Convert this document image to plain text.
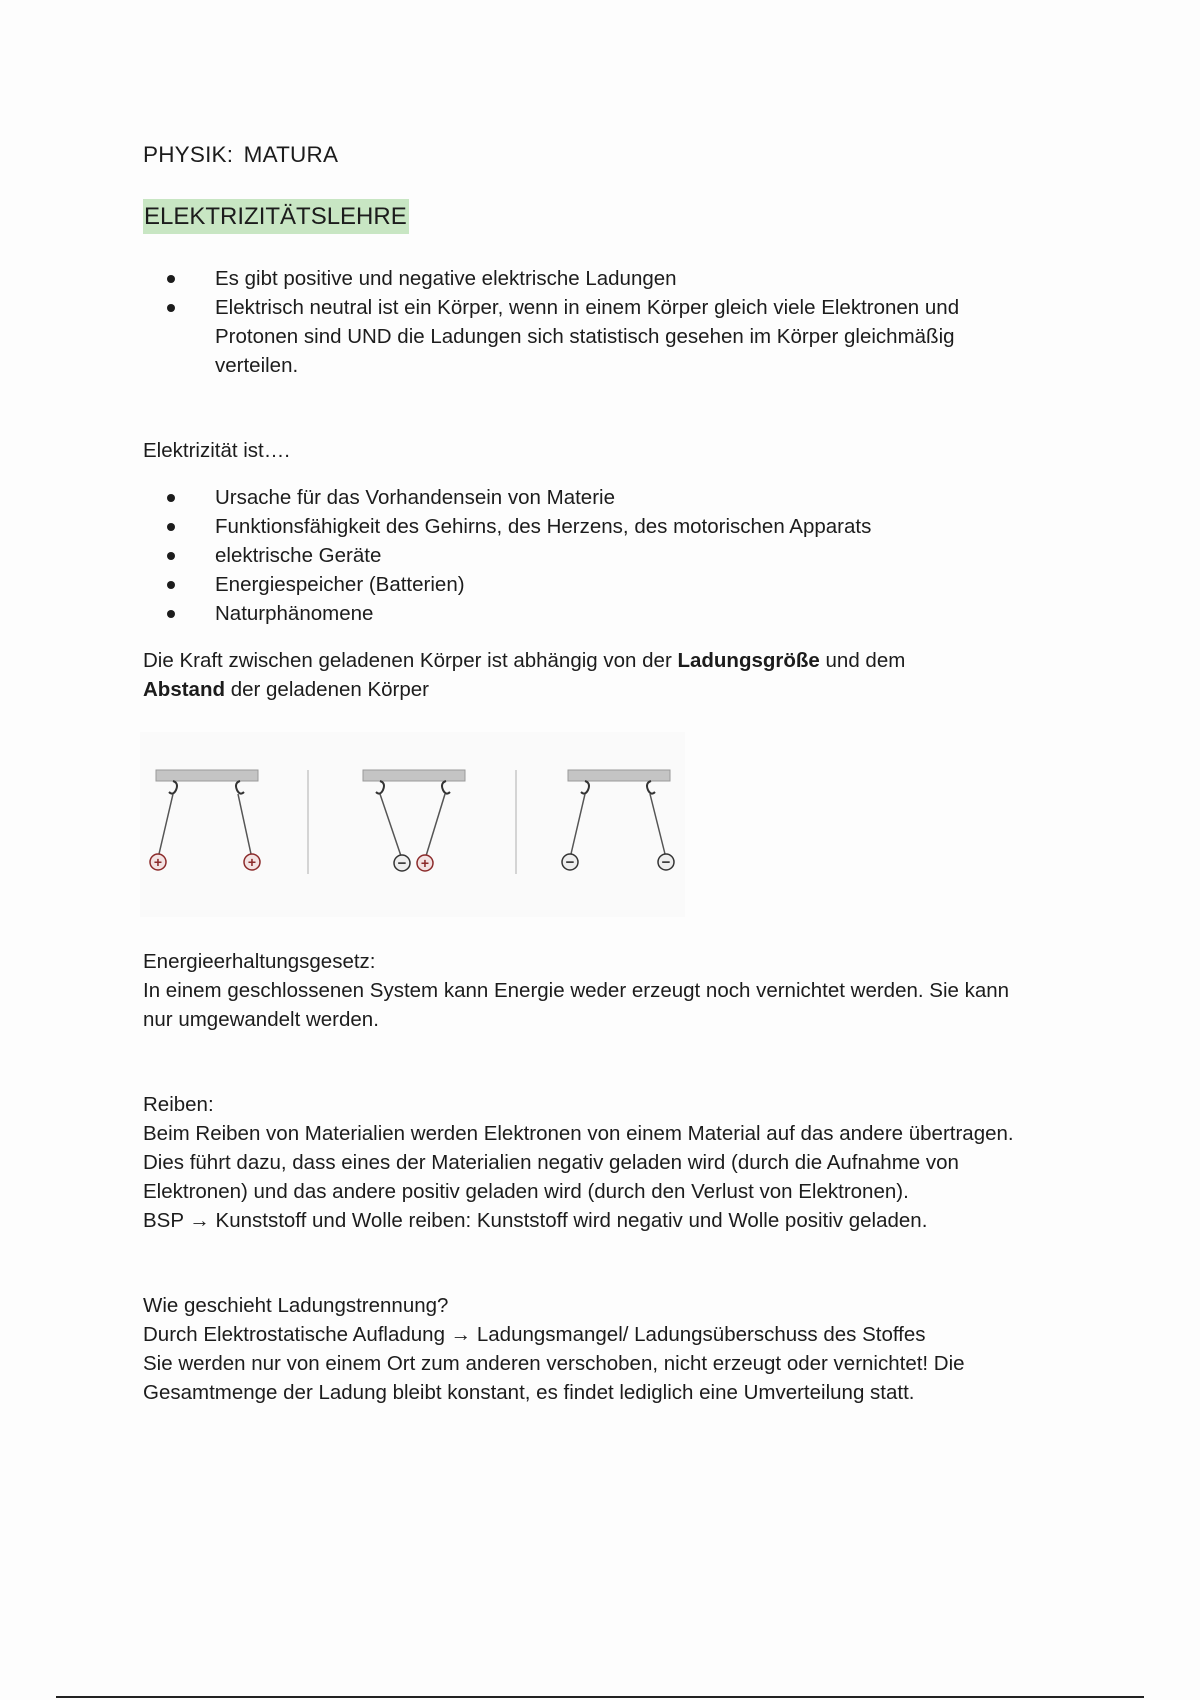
PHYSIK: MATURA
ELEKTRIZITÄTSLEHRE
Es gibt positive und negative elektrische Ladungen
Elektrisch neutral ist ein Körper, wenn in einem Körper gleich viele Elektronen und Protonen sind UND die Ladungen sich statistisch gesehen im Körper gleichmäßig verteilen.

Elektrizität ist….

Ursache für das Vorhandensein von Materie
Funktionsfähigkeit des Gehirns, des Herzens, des motorischen Apparats
elektrische Geräte
Energiespeicher (Batterien)
Naturphänomene

Die Kraft zwischen geladenen Körper ist abhängig von der Ladungsgröße und dem
Abstand der geladenen Körper

+	+	− +	−	−

Energieerhaltungsgesetz:

In einem geschlossenen System kann Energie weder erzeugt noch vernichtet werden. Sie kann nur umgewandelt werden.

Reiben:

Beim Reiben von Materialien werden Elektronen von einem Material auf das andere übertragen. Dies führt dazu, dass eines der Materialien negativ geladen wird (durch die Aufnahme von Elektronen) und das andere positiv geladen wird (durch den Verlust von Elektronen).

BSP → Kunststoff und Wolle reiben: Kunststoff wird negativ und Wolle positiv geladen.

Wie geschieht Ladungstrennung?

Durch Elektrostatische Aufladung → Ladungsmangel/ Ladungsüberschuss des Stoffes

Sie werden nur von einem Ort zum anderen verschoben, nicht erzeugt oder vernichtet! Die Gesamtmenge der Ladung bleibt konstant, es findet lediglich eine Umverteilung statt.
